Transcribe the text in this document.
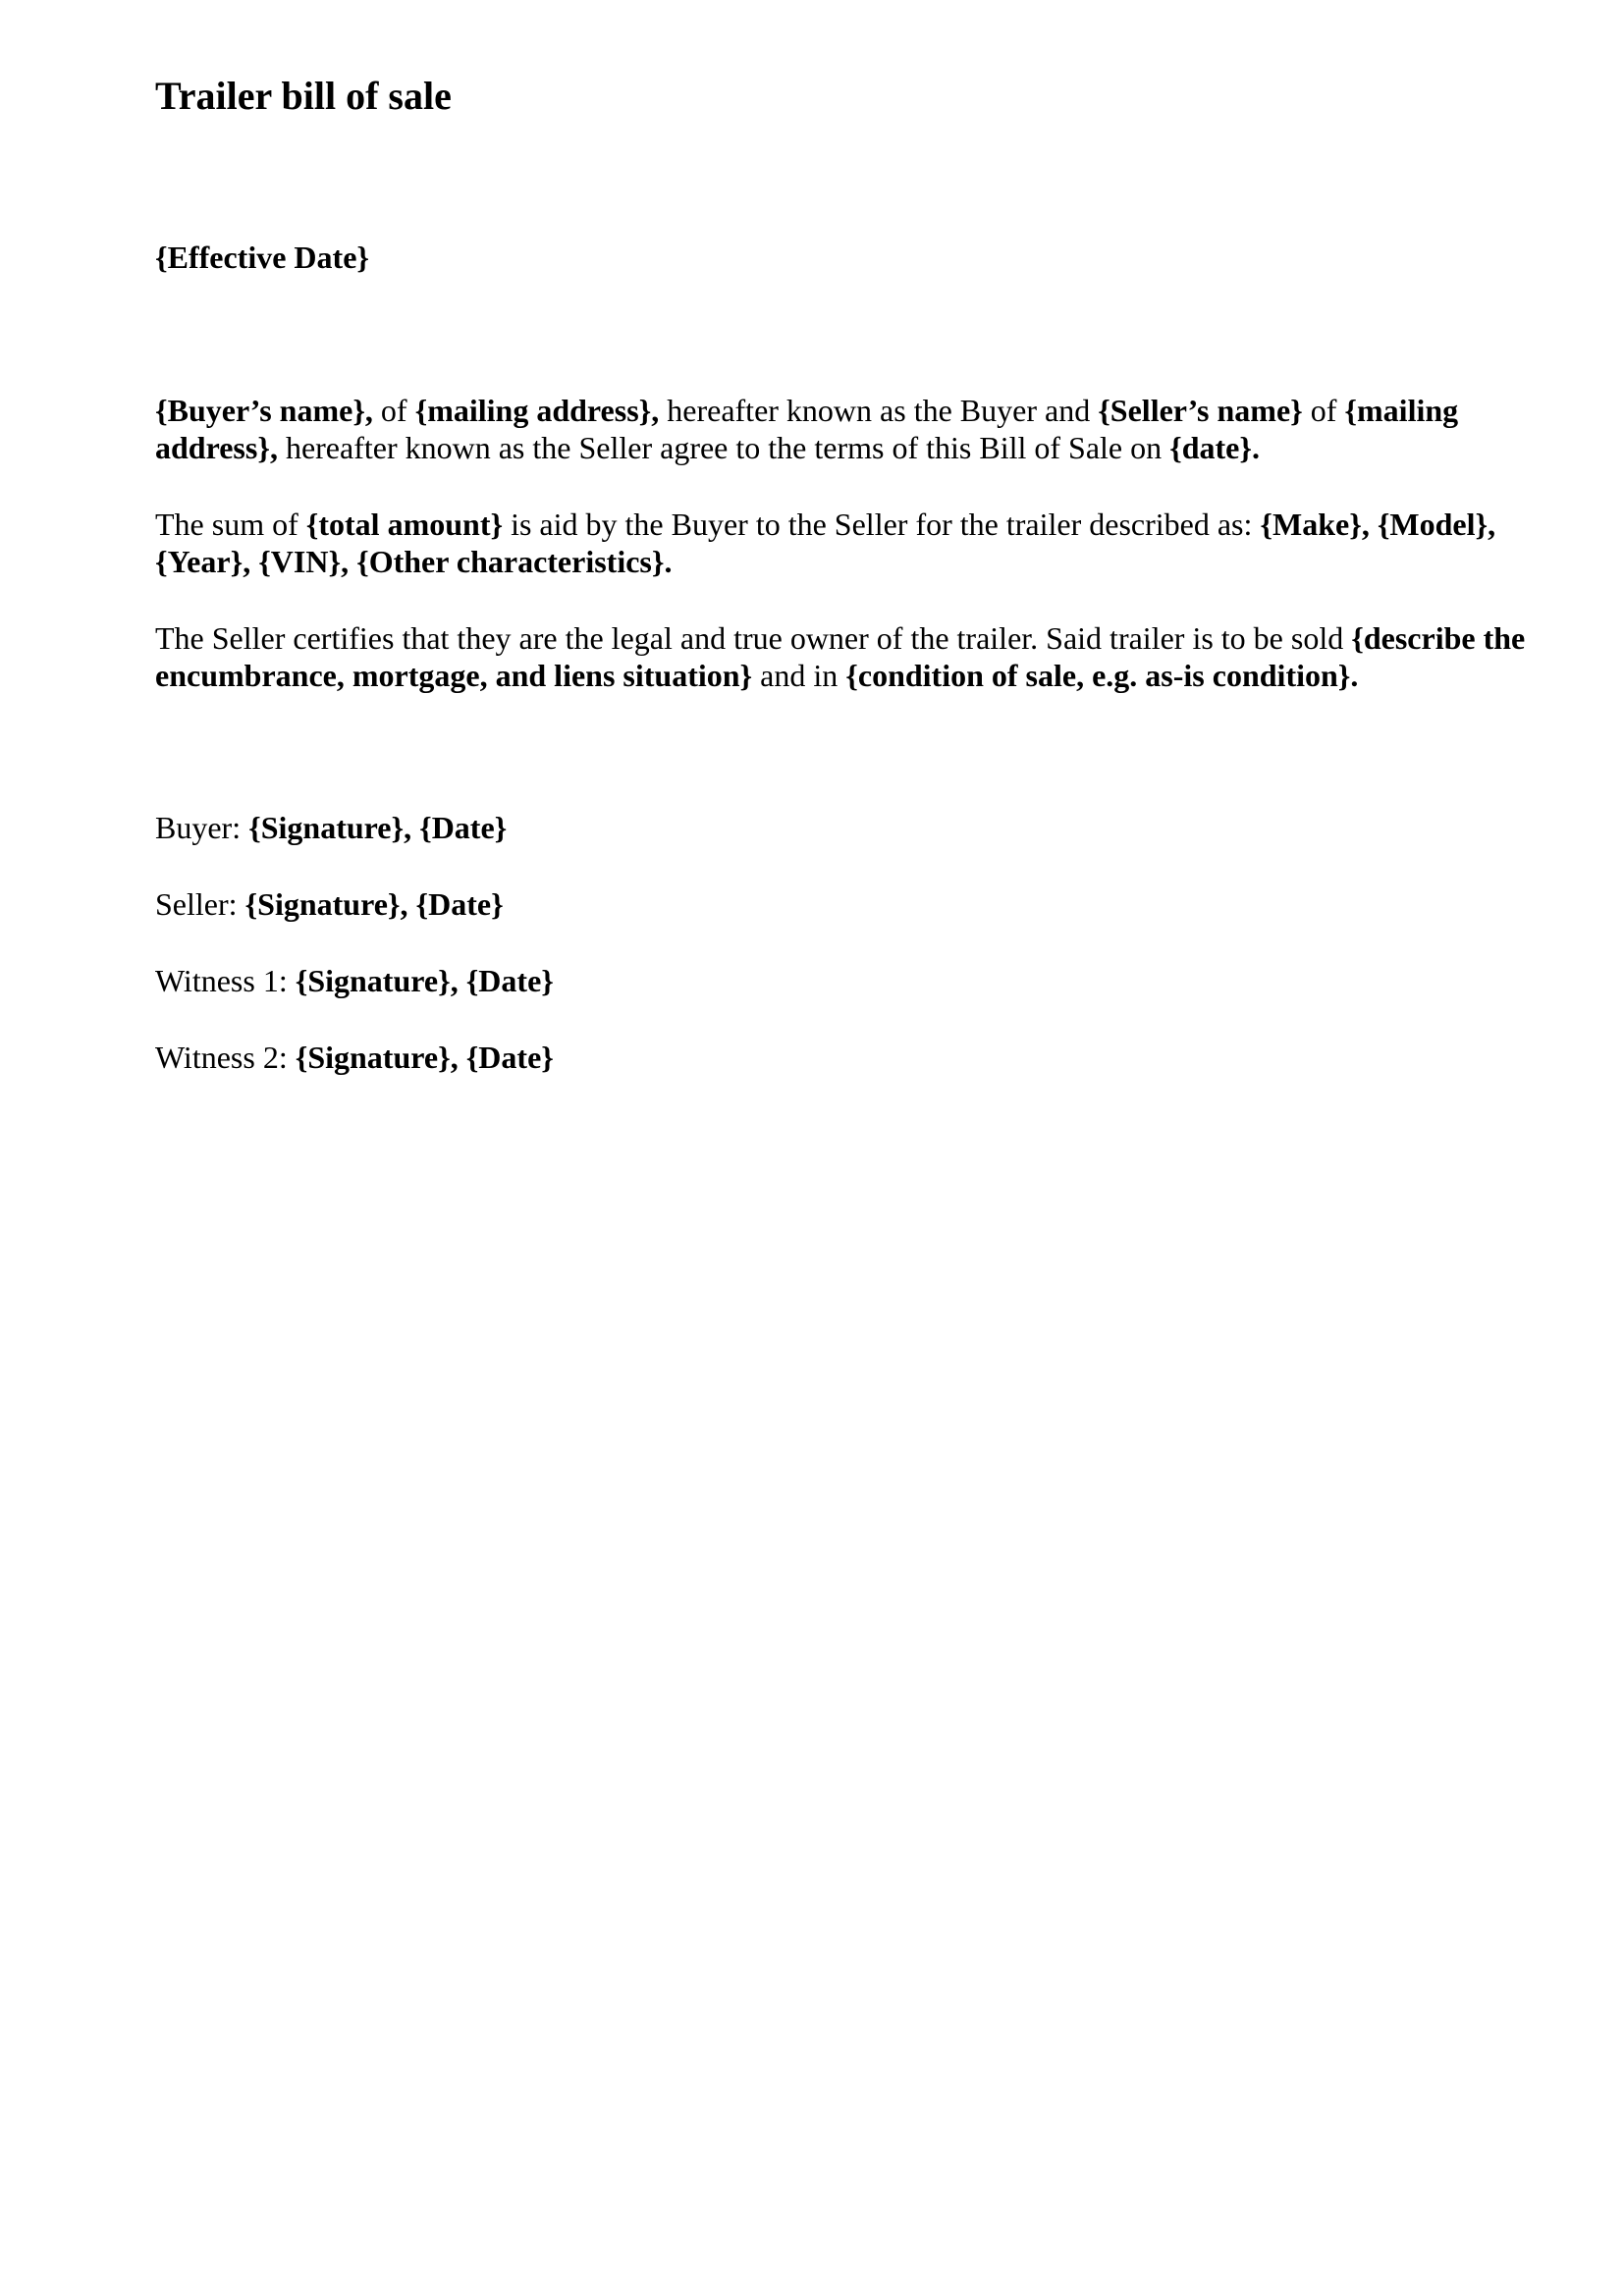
Trailer bill of sale

{Effective Date}

{Buyer’s name}, of {mailing address}, hereafter known as the Buyer and {Seller’s name} of {mailing address}, hereafter known as the Seller agree to the terms of this Bill of Sale on {date}.

The sum of {total amount} is aid by the Buyer to the Seller for the trailer described as: {Make}, {Model}, {Year}, {VIN}, {Other characteristics}.

The Seller certifies that they are the legal and true owner of the trailer. Said trailer is to be sold {describe the encumbrance, mortgage, and liens situation} and in {condition of sale, e.g. as-is condition}.

Buyer: {Signature}, {Date}

Seller: {Signature}, {Date}

Witness 1: {Signature}, {Date}

Witness 2: {Signature}, {Date}
